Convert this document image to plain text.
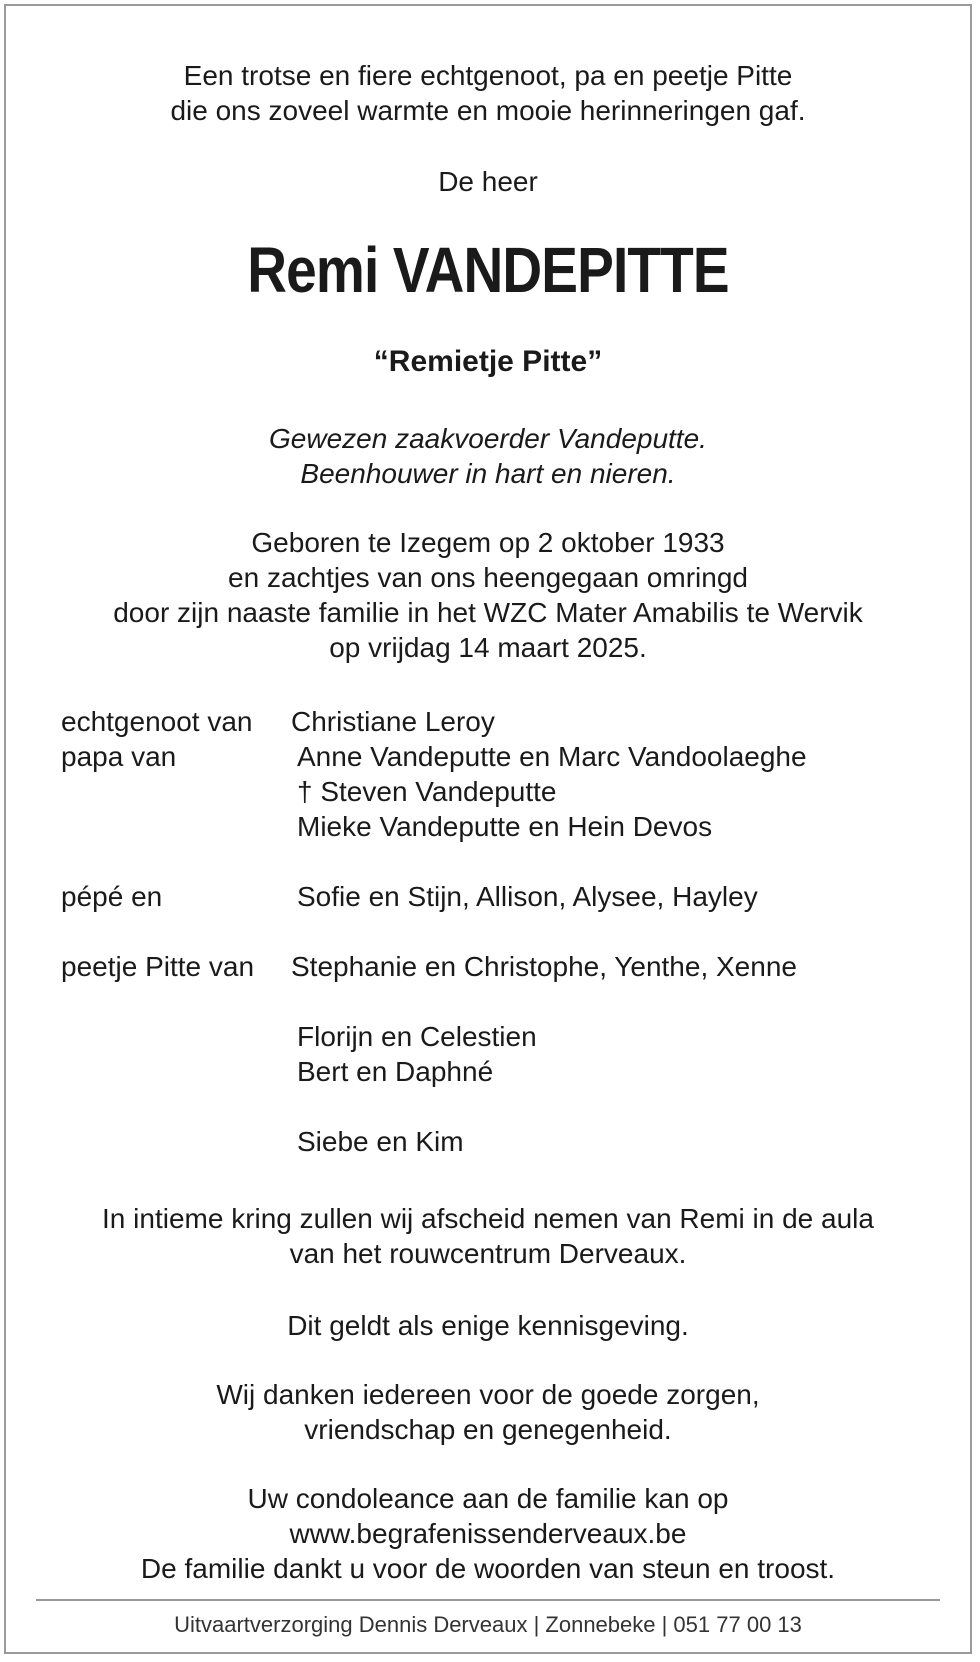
Een trotse en fiere echtgenoot, pa en peetje Pitte
die ons zoveel warmte en mooie herinneringen gaf.
De heer
Remi VANDEPITTE
“Remietje Pitte”
Gewezen zaakvoerder Vandeputte.
Beenhouwer in hart en nieren.
Geboren te Izegem op 2 oktober 1933
en zachtjes van ons heengegaan omringd
door zijn naaste familie in het WZC Mater Amabilis te Wervik
op vrijdag 14 maart 2025.
echtgenoot van	Christiane Leroy
papa van	Anne Vandeputte en Marc Vandoolaeghe
† Steven Vandeputte
Mieke Vandeputte en Hein Devos
pépé en	Sofie en Stijn, Allison, Alysee, Hayley
peetje Pitte van	Stephanie en Christophe, Yenthe, Xenne
Florijn en Celestien
Bert en Daphné
Siebe en Kim
In intieme kring zullen wij afscheid nemen van Remi in de aula
van het rouwcentrum Derveaux.
Dit geldt als enige kennisgeving.
Wij danken iedereen voor de goede zorgen,
vriendschap en genegenheid.
Uw condoleance aan de familie kan op
www.begrafenissenderveaux.be
De familie dankt u voor de woorden van steun en troost.
Uitvaartverzorging Dennis Derveaux | Zonnebeke | 051 77 00 13
